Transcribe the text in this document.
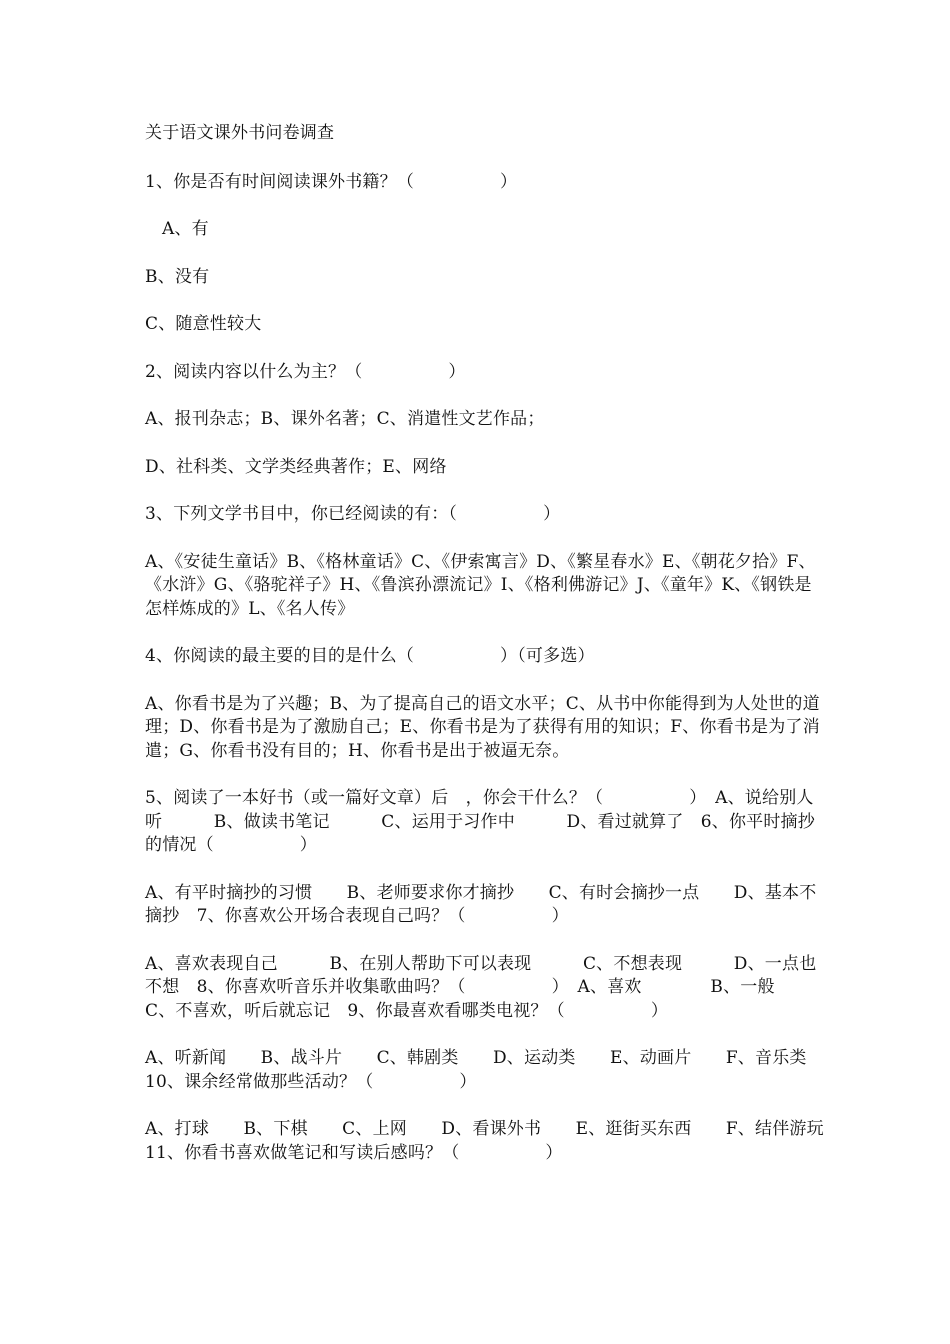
关于语文课外书问卷调查
1、你是否有时间阅读课外书籍？（　　　　　）
A、有
B、没有
C、随意性较大
2、阅读内容以什么为主？（　　　　　）
A、报刊杂志；B、课外名著；C、消遣性文艺作品；
D、社科类、文学类经典著作；E、网络
3、下列文学书目中，你已经阅读的有：（　　　　　）
A、《安徒生童话》B、《格林童话》C、《伊索寓言》D、《繁星春水》E、《朝花夕拾》F、《水浒》G、《骆驼祥子》H、《鲁滨孙漂流记》I、《格利佛游记》J、《童年》K、《钢铁是怎样炼成的》L、《名人传》
4、你阅读的最主要的目的是什么（　　　　　）（可多选）
A、你看书是为了兴趣；B、为了提高自己的语文水平；C、从书中你能得到为人处世的道理；D、你看书是为了激励自己；E、你看书是为了获得有用的知识；F、你看书是为了消遣；G、你看书没有目的；H、你看书是出于被逼无奈。
5、阅读了一本好书（或一篇好文章）后　，你会干什么？（　　　　　）　A、说给别人听　　　B、做读书笔记　　　C、运用于习作中　　　D、看过就算了　6、你平时摘抄的情况（　　　　　）
A、有平时摘抄的习惯　　B、老师要求你才摘抄　　C、有时会摘抄一点　　D、基本不摘抄　7、你喜欢公开场合表现自己吗？（　　　　　）
A、喜欢表现自己　　　B、在别人帮助下可以表现　　　C、不想表现　　　D、一点也不想　8、你喜欢听音乐并收集歌曲吗？（　　　　　）　A、喜欢　　　　B、一般　　　　C、不喜欢，听后就忘记　9、你最喜欢看哪类电视？（　　　　　）
A、听新闻　　B、战斗片　　C、韩剧类　　D、运动类　　E、动画片　　F、音乐类　10、课余经常做那些活动？（　　　　　）
A、打球　　B、下棋　　C、上网　　D、看课外书　　E、逛街买东西　　F、结伴游玩　11、你看书喜欢做笔记和写读后感吗？（　　　　　）
